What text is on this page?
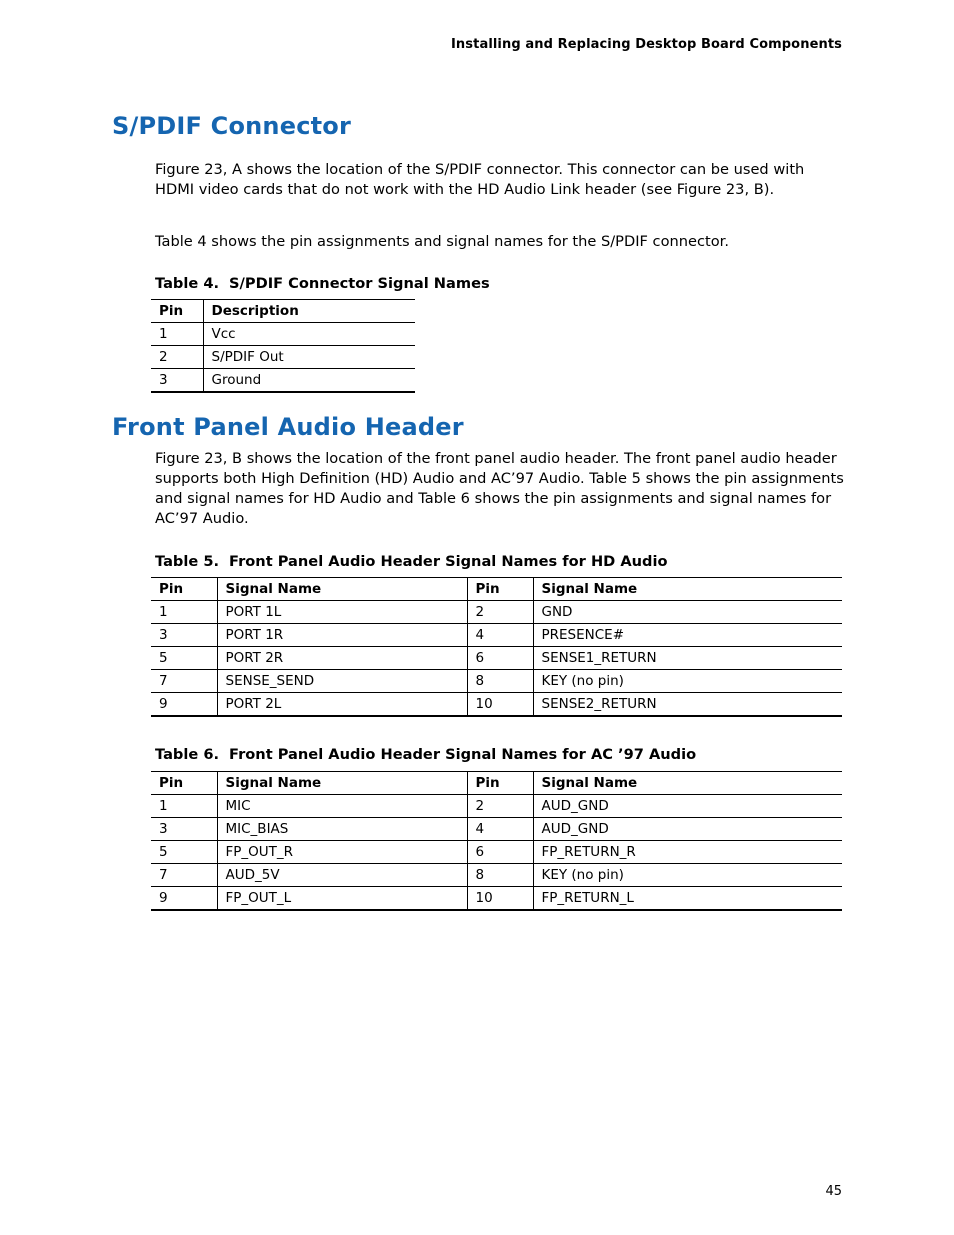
Installing and Replacing Desktop Board Components
S/PDIF Connector

Figure 23, A shows the location of the S/PDIF connector. This connector can be used with HDMI video cards that do not work with the HD Audio Link header (see Figure 23, B).

Table 4 shows the pin assignments and signal names for the S/PDIF connector.

Table 4. S/PDIF Connector Signal Names

Pin	Description
1	Vcc
2	S/PDIF Out
3	Ground
Front Panel Audio Header

Figure 23, B shows the location of the front panel audio header. The front panel audio header supports both High Definition (HD) Audio and AC’97 Audio. Table 5 shows the pin assignments and signal names for HD Audio and Table 6 shows the pin assignments and signal names for AC’97 Audio.

Table 5. Front Panel Audio Header Signal Names for HD Audio

Pin	Signal Name	Pin	Signal Name
1	PORT 1L	2	GND
3	PORT 1R	4	PRESENCE#
5	PORT 2R	6	SENSE1_RETURN
7	SENSE_SEND	8	KEY (no pin)
9	PORT 2L	10	SENSE2_RETURN

Table 6. Front Panel Audio Header Signal Names for AC ’97 Audio

Pin	Signal Name	Pin	Signal Name
1	MIC	2	AUD_GND
3	MIC_BIAS	4	AUD_GND
5	FP_OUT_R	6	FP_RETURN_R
7	AUD_5V	8	KEY (no pin)
9	FP_OUT_L	10	FP_RETURN_L
45
